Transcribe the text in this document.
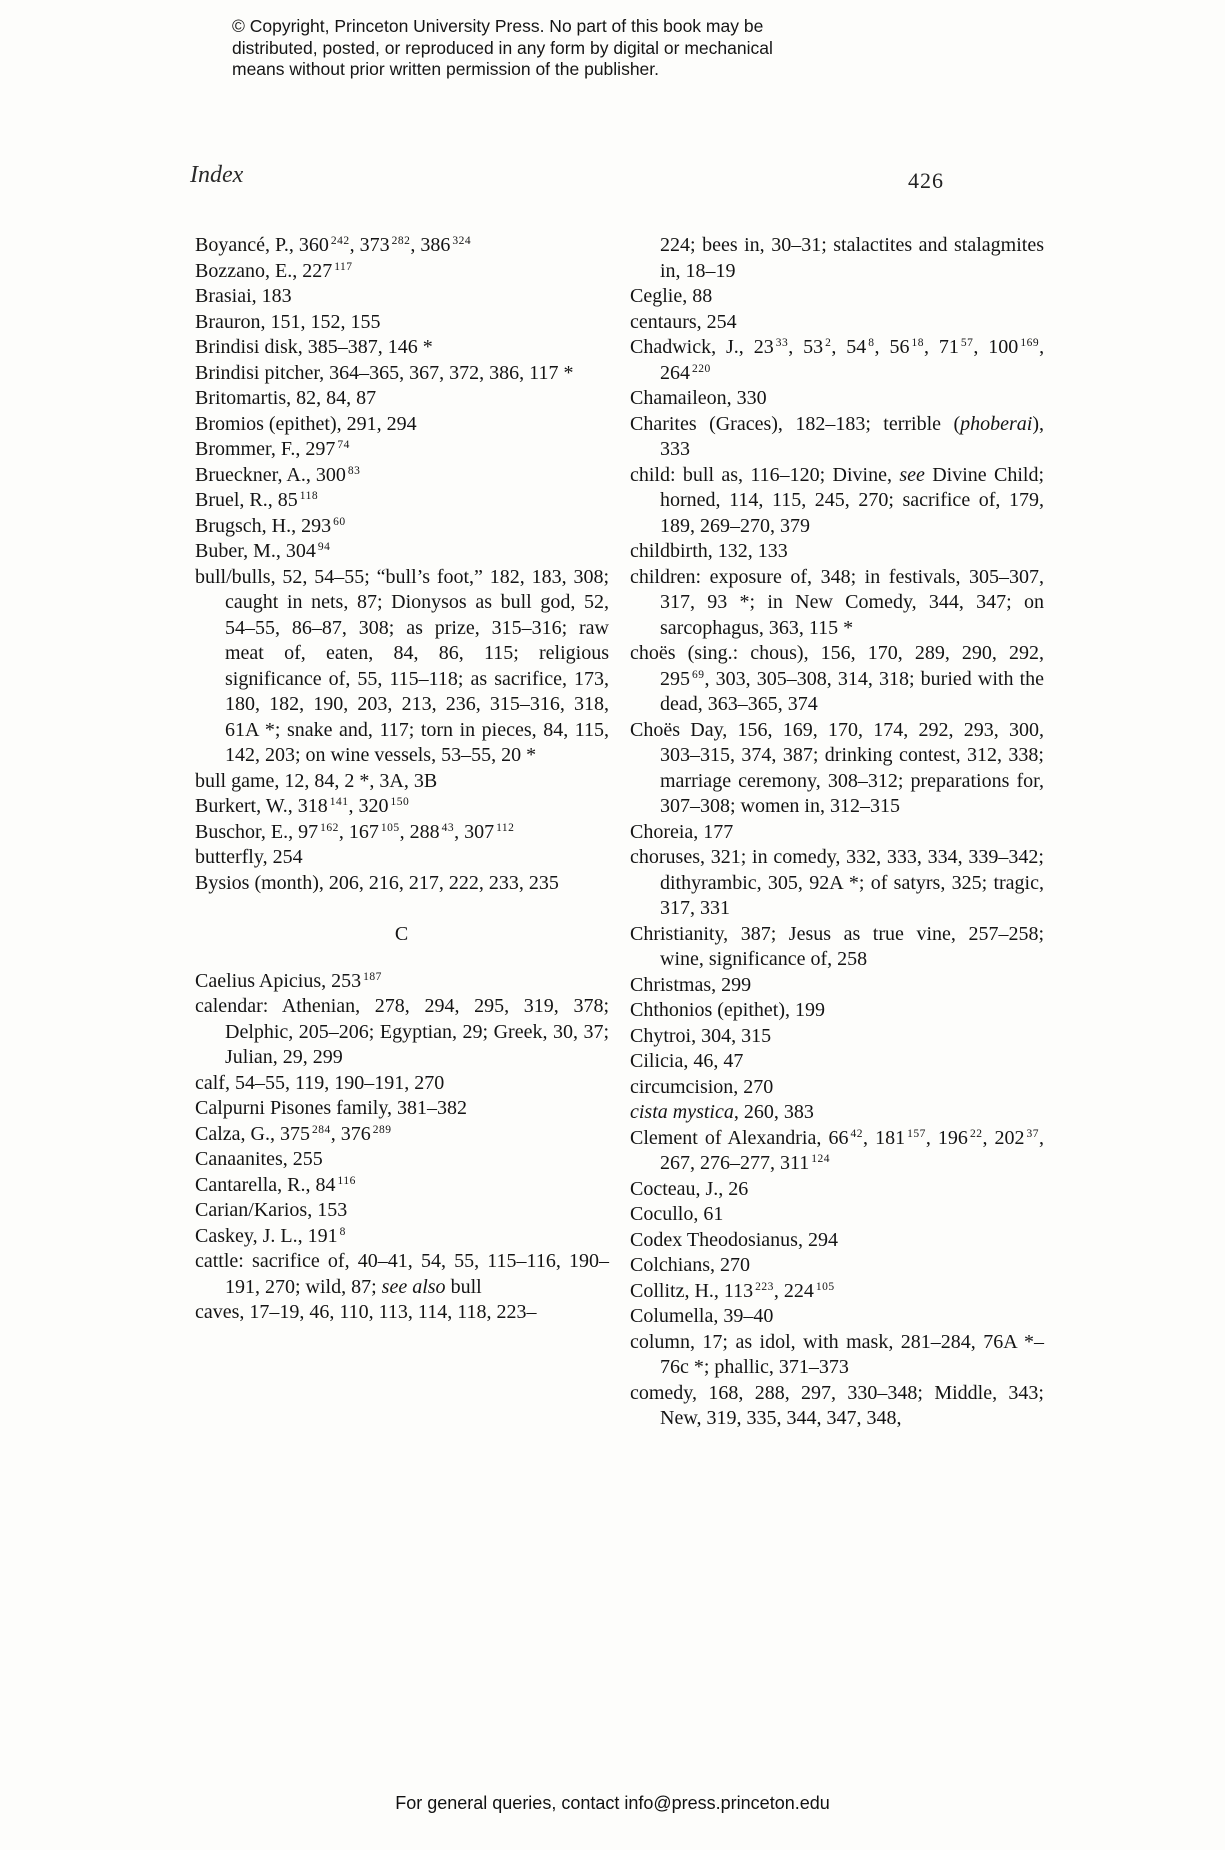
© Copyright, Princeton University Press. No part of this book may be
distributed, posted, or reproduced in any form by digital or mechanical
means without prior written permission of the publisher.
Index	426

Boyancé, P., 360 $^{242}$, 373 $^{282}$, 386 $^{324}$

Bozzano, E., 227 $^{117}$

Brasiai, 183

Brauron, 151, 152, 155

Brindisi disk, 385–387, 146 *

Brindisi pitcher, 364–365, 367, 372, 386, 117 *

Britomartis, 82, 84, 87

Bromios (epithet), 291, 294

Brommer, F., 297 $^{74}$

Brueckner, A., 300 $^{83}$

Bruel, R., 85 $^{118}$

Brugsch, H., 293 $^{60}$

Buber, M., 304 $^{94}$

bull/bulls, 52, 54–55; “bull’s foot,” 182, 183, 308; caught in nets, 87; Dionysos as bull god, 52, 54–55, 86–87, 308; as prize, 315–316; raw meat of, eaten, 84, 86, 115; religious significance of, 55, 115–118; as sacrifice, 173, 180, 182, 190, 203, 213, 236, 315–316, 318, 61A *; snake and, 117; torn in pieces, 84, 115, 142, 203; on wine vessels, 53–55, 20 *

bull game, 12, 84, 2 *, 3A, 3B

Burkert, W., 318 $^{141}$, 320 $^{150}$

Buschor, E., 97 $^{162}$, 167 $^{105}$, 288 $^{43}$, 307 $^{112}$

butterfly, 254

Bysios (month), 206, 216, 217, 222, 233, 235

C

Caelius Apicius, 253 $^{187}$

calendar: Athenian, 278, 294, 295, 319, 378; Delphic, 205–206; Egyptian, 29; Greek, 30, 37; Julian, 29, 299

calf, 54–55, 119, 190–191, 270

Calpurni Pisones family, 381–382

Calza, G., 375 $^{284}$, 376 $^{289}$

Canaanites, 255

Cantarella, R., 84 $^{116}$

Carian/Karios, 153

Caskey, J. L., 191 $^8$

cattle: sacrifice of, 40–41, 54, 55, 115–116, 190–191, 270; wild, 87; see also bull

caves, 17–19, 46, 110, 113, 114, 118, 223–

224; bees in, 30–31; stalactites and stalagmites in, 18–19

Ceglie, 88

centaurs, 254

Chadwick, J., 23 $^{33}$, 53 $^2$, 54 $^8$, 56 $^{18}$, 71 $^{57}$, 100 $^{169}$, 264 $^{220}$

Chamaileon, 330

Charites (Graces), 182–183; terrible (phoberai), 333

child: bull as, 116–120; Divine, see Divine Child; horned, 114, 115, 245, 270; sacrifice of, 179, 189, 269–270, 379

childbirth, 132, 133

children: exposure of, 348; in festivals, 305–307, 317, 93 *; in New Comedy, 344, 347; on sarcophagus, 363, 115 *

choës (sing.: chous), 156, 170, 289, 290, 292, 295 $^{69}$, 303, 305–308, 314, 318; buried with the dead, 363–365, 374

Choës Day, 156, 169, 170, 174, 292, 293, 300, 303–315, 374, 387; drinking contest, 312, 338; marriage ceremony, 308–312; preparations for, 307–308; women in, 312–315

Choreia, 177

choruses, 321; in comedy, 332, 333, 334, 339–342; dithyrambic, 305, 92A *; of satyrs, 325; tragic, 317, 331

Christianity, 387; Jesus as true vine, 257–258; wine, significance of, 258

Christmas, 299

Chthonios (epithet), 199

Chytroi, 304, 315

Cilicia, 46, 47

circumcision, 270

cista mystica, 260, 383

Clement of Alexandria, 66 $^{42}$, 181 $^{157}$, 196 $^{22}$, 202 $^{37}$, 267, 276–277, 311 $^{124}$

Cocteau, J., 26

Cocullo, 61

Codex Theodosianus, 294

Colchians, 270

Collitz, H., 113 $^{223}$, 224 $^{105}$

Columella, 39–40

column, 17; as idol, with mask, 281–284, 76A *–76c *; phallic, 371–373

comedy, 168, 288, 297, 330–348; Middle, 343; New, 319, 335, 344, 347, 348,

For general queries, contact info@press.princeton.edu
